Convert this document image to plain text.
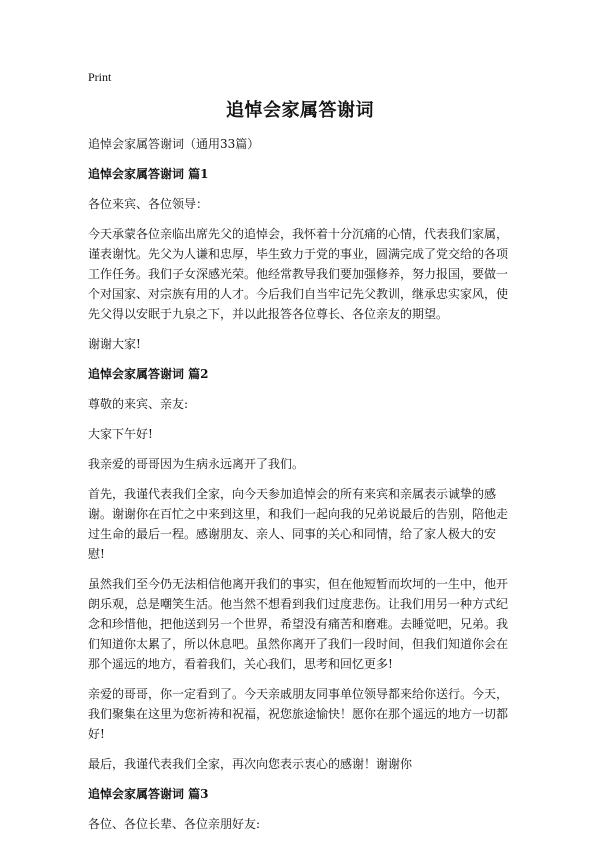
Print
追悼会家属答谢词

追悼会家属答谢词（通用33篇）

追悼会家属答谢词 篇1

各位来宾、各位领导：

今天承蒙各位亲临出席先父的追悼会，我怀着十分沉痛的心情，代表我们家属，谨表谢忱。先父为人谦和忠厚，毕生致力于党的事业，圆满完成了党交给的各项工作任务。我们子女深感光荣。他经常教导我们要加强修养，努力报国，要做一个对国家、对宗族有用的人才。今后我们自当牢记先父教训，继承忠实家风，使先父得以安眠于九泉之下，并以此报答各位尊长、各位亲友的期望。

谢谢大家!

追悼会家属答谢词 篇2

尊敬的来宾、亲友:

大家下午好!

我亲爱的哥哥因为生病永远离开了我们。

首先，我谨代表我们全家，向今天参加追悼会的所有来宾和亲属表示诚挚的感谢。谢谢你在百忙之中来到这里，和我们一起向我的兄弟说最后的告别，陪他走过生命的最后一程。感谢朋友、亲人、同事的关心和同情，给了家人极大的安慰!

虽然我们至今仍无法相信他离开我们的事实，但在他短暂而坎坷的一生中，他开朗乐观，总是嘲笑生活。他当然不想看到我们过度悲伤。让我们用另一种方式纪念和珍惜他，把他送到另一个世界，希望没有痛苦和磨难。去睡觉吧，兄弟。我们知道你太累了，所以休息吧。虽然你离开了我们一段时间，但我们知道你会在那个遥远的地方，看着我们，关心我们，思考和回忆更多!

亲爱的哥哥，你一定看到了。今天亲戚朋友同事单位领导都来给你送行。今天，我们聚集在这里为您祈祷和祝福，祝您旅途愉快！愿你在那个遥远的地方一切都好!

最后，我谨代表我们全家，再次向您表示衷心的感谢！谢谢你

追悼会家属答谢词 篇3

各位、各位长辈、各位亲朋好友:
